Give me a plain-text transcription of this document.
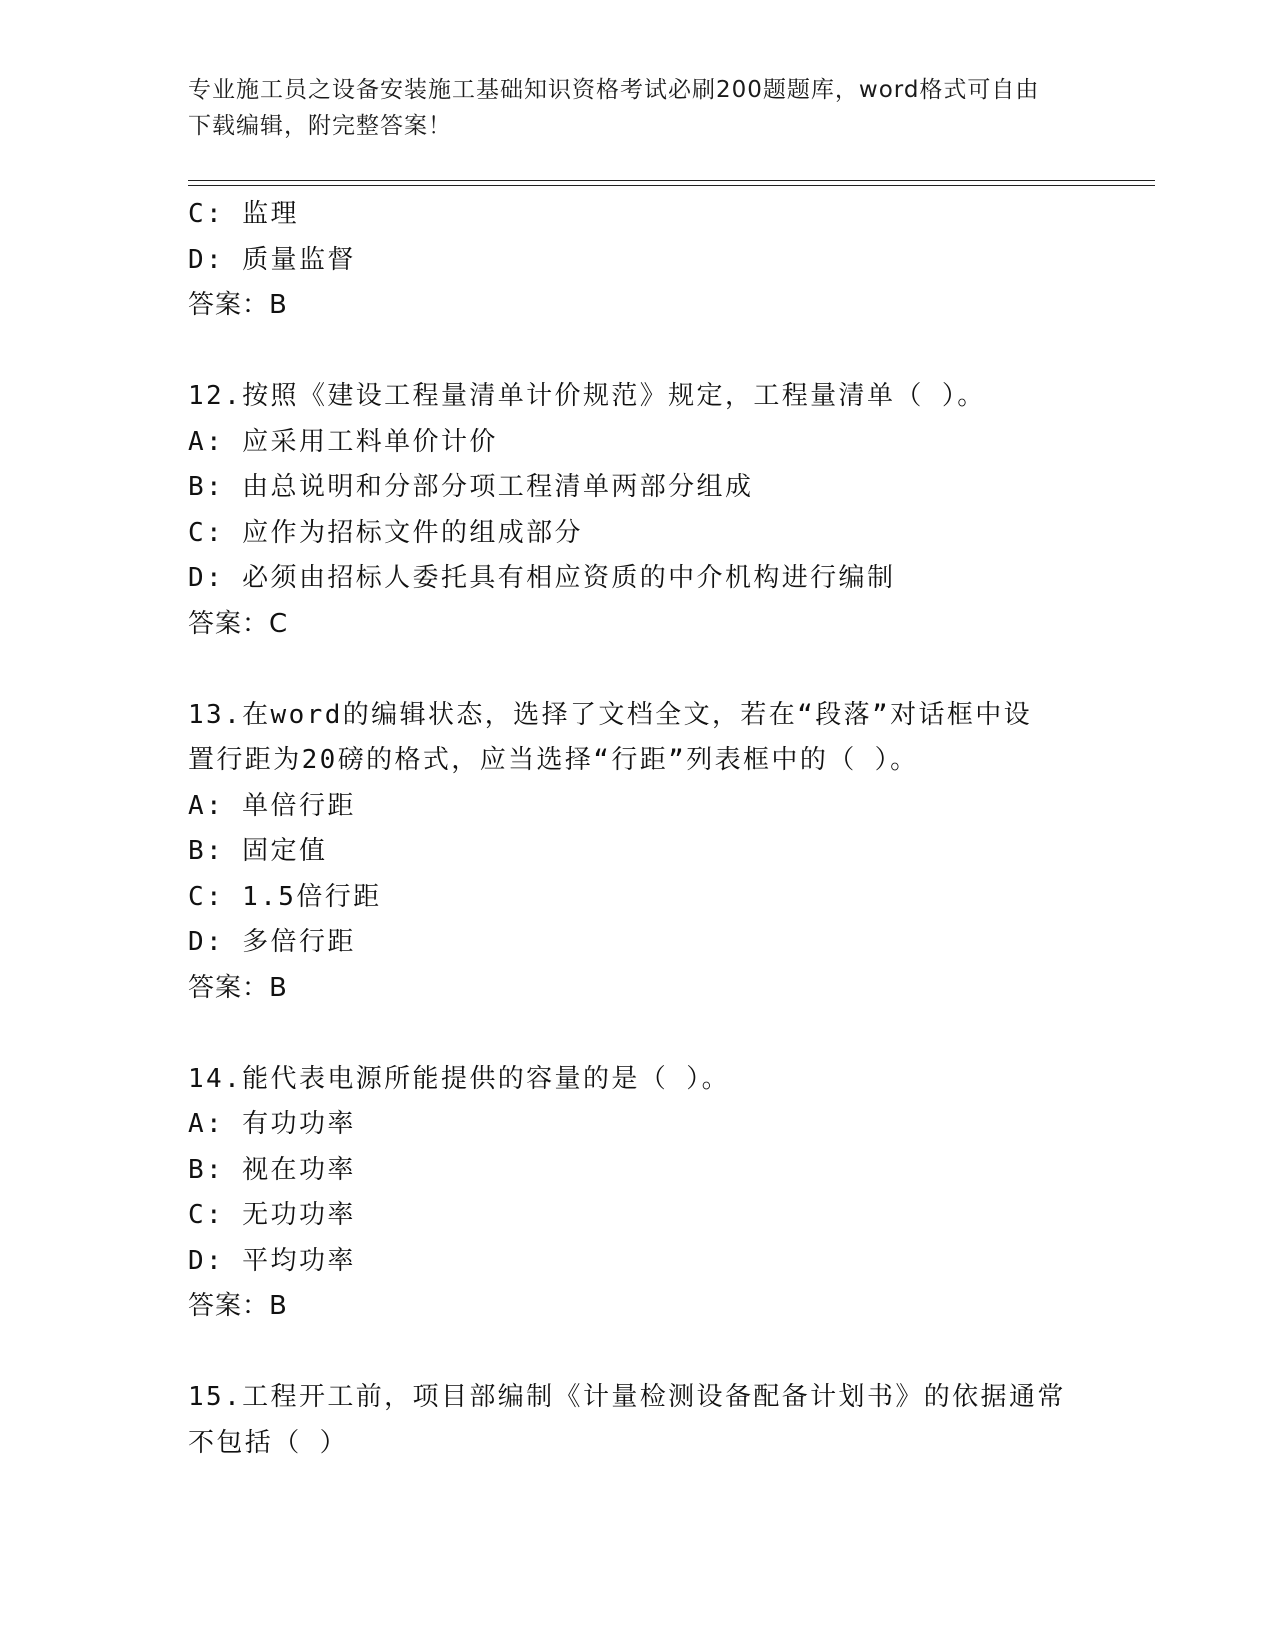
专业施工员之设备安装施工基础知识资格考试必刷200题题库，word格式可自由
下载编辑，附完整答案！
C: 监理
D: 质量监督
答案：B
12.按照《建设工程量清单计价规范》规定，工程量清单（ ）。
A: 应采用工料单价计价
B: 由总说明和分部分项工程清单两部分组成
C: 应作为招标文件的组成部分
D: 必须由招标人委托具有相应资质的中介机构进行编制
答案：C
13.在word的编辑状态，选择了文档全文，若在“段落”对话框中设
置行距为20磅的格式，应当选择“行距”列表框中的（ ）。
A: 单倍行距
B: 固定值
C: 1.5倍行距
D: 多倍行距
答案：B
14.能代表电源所能提供的容量的是（ ）。
A: 有功功率
B: 视在功率
C: 无功功率
D: 平均功率
答案：B
15.工程开工前，项目部编制《计量检测设备配备计划书》的依据通常
不包括（ ）
